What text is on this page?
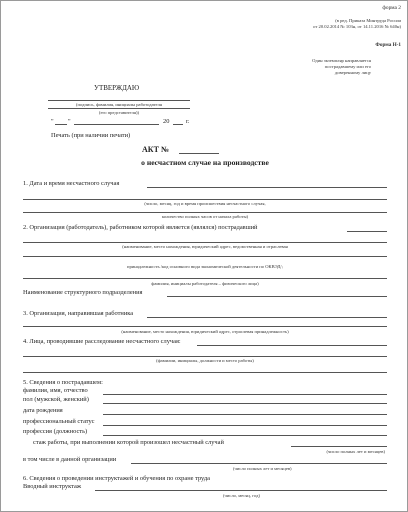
форма 2
(в ред. Приказа Минтруда России
от 20.02.2014 № 103н, от 14.11.2016 № 640н)
Форма Н-1
Один экземпляр направляется
пострадавшему или его
доверенному лицу
УТВЕРЖДАЮ
(подпись, фамилия, инициалы работодателя
(его представителя))
" "	20	г.
Печать (при наличии печати)
АКТ №
о несчастном случае на производстве
1. Дата и время несчастного случая
(число, месяц, год и время происшествия несчастного случая,
количество полных часов от начала работы)
2. Организация (работодатель), работником которой является (являлся) пострадавший
(наименование, место нахождения, юридический адрес, ведомственная и отраслевая
принадлежность /код основного вида экономической деятельности по ОКВЭД/;
фамилия, инициалы работодателя – физического лица)
Наименование структурного подразделения
3. Организация, направившая работника
(наименование, место нахождения, юридический адрес, отраслевая принадлежность)
4. Лица, проводившие расследование несчастного случая:
(фамилии, инициалы, должности и место работы)
5. Сведения о пострадавшем:
фамилия, имя, отчество
пол (мужской, женский)
дата рождения
профессиональный статус
профессия (должность)
стаж работы, при выполнении которой произошел несчастный случай
(число полных лет и месяцев)
в том числе в данной организации
(число полных лет и месяцев)
6. Сведения о проведении инструктажей и обучения по охране труда
Вводный инструктаж
(число, месяц, год)
